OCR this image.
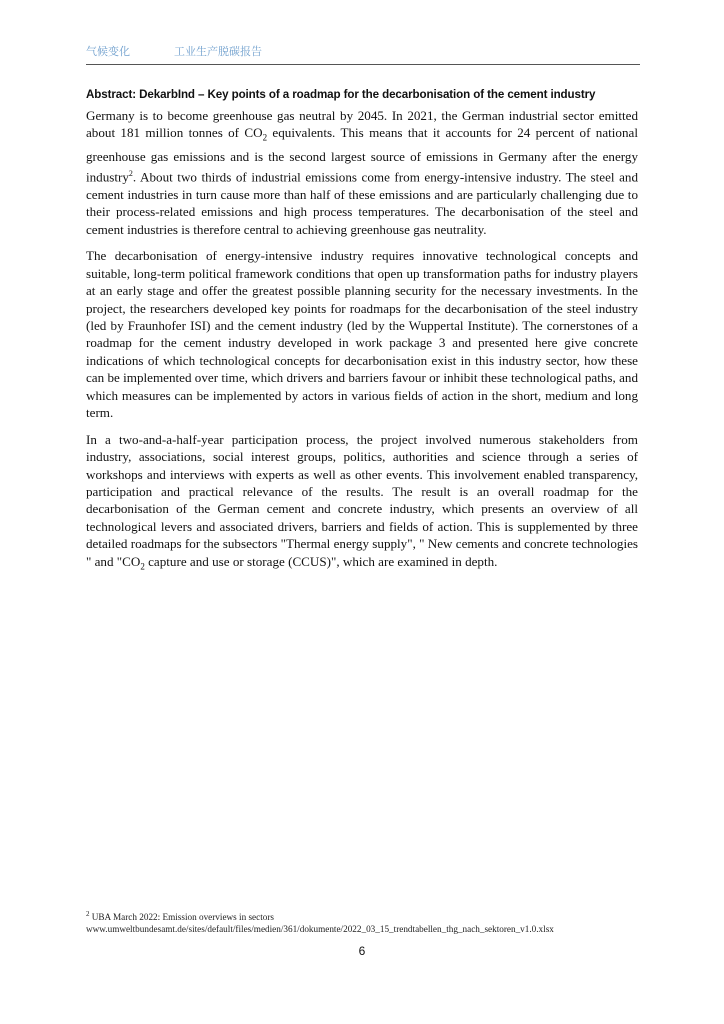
气候变化	工业生产脱碳报告
Abstract: DekarbInd – Key points of a roadmap for the decarbonisation of the cement industry

Germany is to become greenhouse gas neutral by 2045. In 2021, the German industrial sector emitted about 181 million tonnes of $CO_2$ equivalents. This means that it accounts for 24 percent of national greenhouse gas emissions and is the second largest source of emissions in Germany after the energy industry$^2$. About two thirds of industrial emissions come from energy-intensive industry. The steel and cement industries in turn cause more than half of these emissions and are particularly challenging due to their process-related emissions and high process temperatures. The decarbonisation of the steel and cement industries is therefore central to achieving greenhouse gas neutrality.

The decarbonisation of energy-intensive industry requires innovative technological concepts and suitable, long-term political framework conditions that open up transformation paths for industry players at an early stage and offer the greatest possible planning security for the necessary investments. In the project, the researchers developed key points for roadmaps for the decarbonisation of the steel industry (led by Fraunhofer ISI) and the cement industry (led by the Wuppertal Institute). The cornerstones of a roadmap for the cement industry developed in work package 3 and presented here give concrete indications of which technological concepts for decarbonisation exist in this industry sector, how these can be implemented over time, which drivers and barriers favour or inhibit these technological paths, and which measures can be implemented by actors in various fields of action in the short, medium and long term.

In a two-and-a-half-year participation process, the project involved numerous stakeholders from industry, associations, social interest groups, politics, authorities and science through a series of workshops and interviews with experts as well as other events. This involvement enabled transparency, participation and practical relevance of the results. The result is an overall roadmap for the decarbonisation of the German cement and concrete industry, which presents an overview of all technological levers and associated drivers, barriers and fields of action. This is supplemented by three detailed roadmaps for the subsectors "Thermal energy supply", " New cements and concrete technologies " and "$CO_2$ capture and use or storage (CCUS)", which are examined in depth.

$^2$ UBA March 2022: Emission overviews in sectors
www.umweltbundesamt.de/sites/default/files/medien/361/dokumente/2022_03_15_trendtabellen_thg_nach_sektoren_v1.0.xlsx
6
